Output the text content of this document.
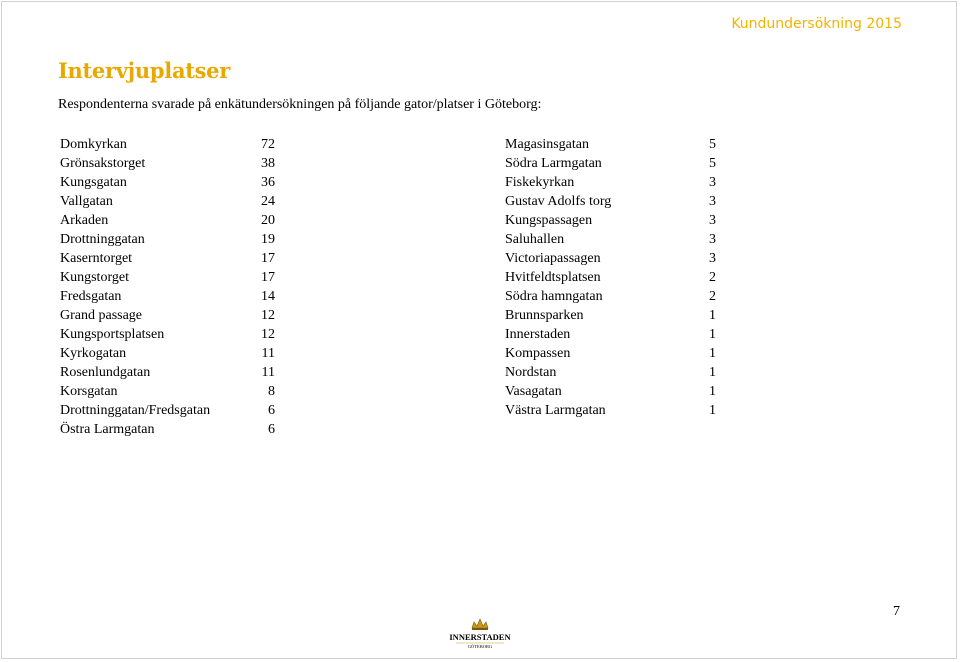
Kundundersökning 2015
Intervjuplatser
Respondenterna svarade på enkätundersökningen på följande gator/platser i Göteborg:
Domkyrkan	72
Grönsakstorget	38
Kungsgatan	36
Vallgatan	24
Arkaden	20
Drottninggatan	19
Kaserntorget	17
Kungstorget	17
Fredsgatan	14
Grand passage	12
Kungsportsplatsen	12
Kyrkogatan	11
Rosenlundgatan	11
Korsgatan	8
Drottninggatan/Fredsgatan	6
Östra Larmgatan	6
Magasinsgatan	5
Södra Larmgatan	5
Fiskekyrkan	3
Gustav Adolfs torg	3
Kungspassagen	3
Saluhallen	3
Victoriapassagen	3
Hvitfeldtsplatsen	2
Södra hamngatan	2
Brunnsparken	1
Innerstaden	1
Kompassen	1
Nordstan	1
Vasagatan	1
Västra Larmgatan	1
7
INNERSTADEN
GÖTEBORG
